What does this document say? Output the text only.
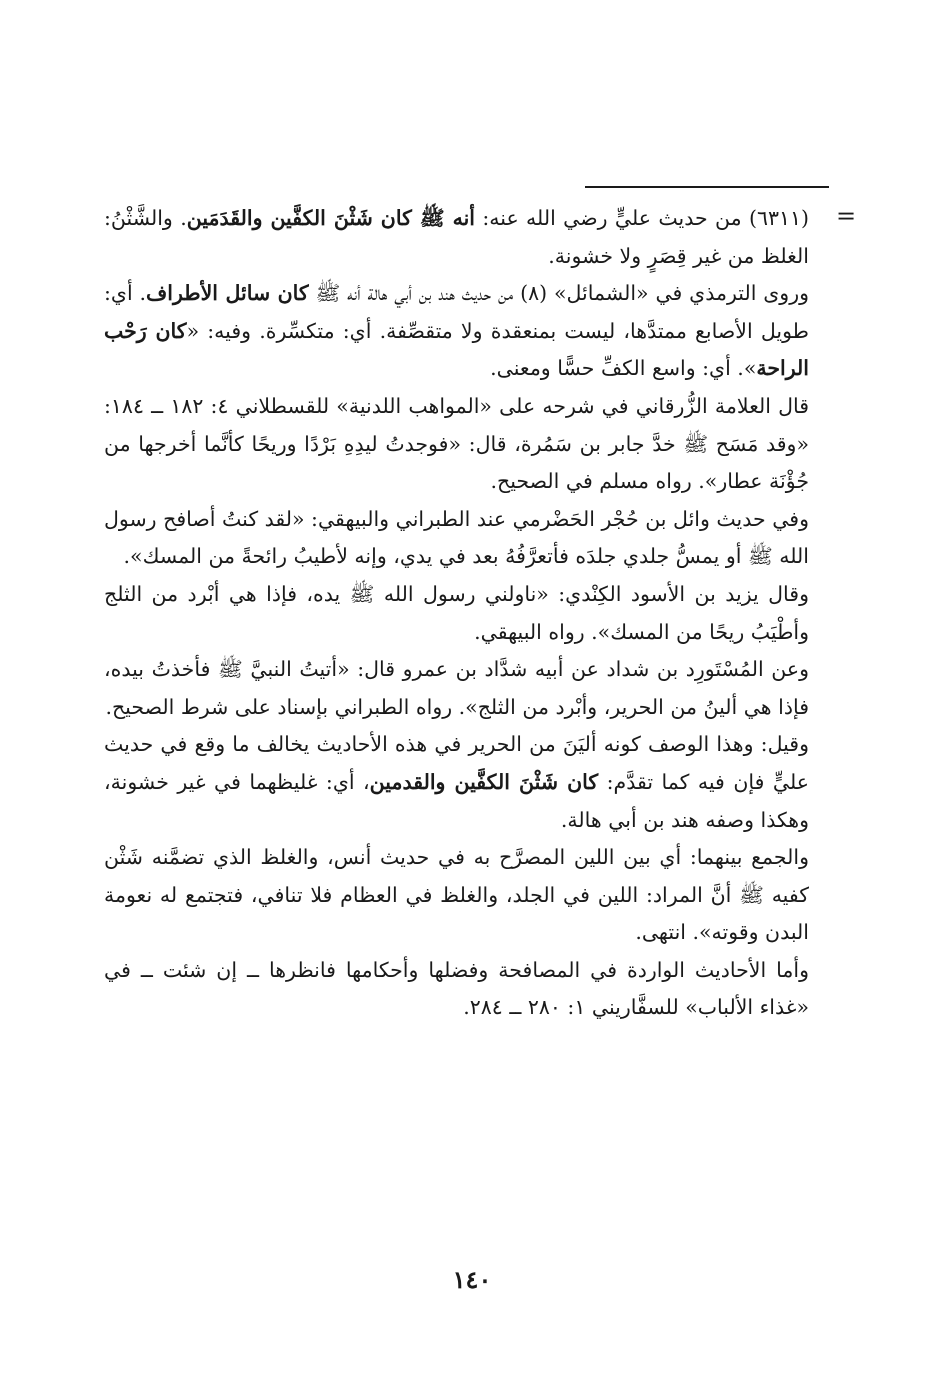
=

(٦٣١١) من حديث عليٍّ رضي الله عنه: أنه ﷺ كان شَثْنَ الكفَّين والقَدَمَين. والشَّثْنُ: الغلظ من غير قِصَرٍ ولا خشونة.

وروى الترمذي في «الشمائل» (٨) من حديث هند بن أبي هالة أنه ﷺ كان سائل الأطراف. أي: طويل الأصابع ممتدَّها، ليست بمنعقدة ولا متقصِّفة. أي: متكسِّرة. وفيه: «كان رَحْب الراحة». أي: واسع الكفِّ حسًّا ومعنى.

قال العلامة الزُّرقاني في شرحه على «المواهب اللدنية» للقسطلاني ٤: ١٨٢ ــ ١٨٤: «وقد مَسَح ﷺ خدَّ جابر بن سَمُرة، قال: «فوجدتُ ليدِهِ بَرْدًا وريحًا كأنَّما أخرجها من جُؤْنَة عطار». رواه مسلم في الصحيح.

وفي حديث وائل بن حُجْر الحَضْرمي عند الطبراني والبيهقي: «لقد كنتُ أصافح رسول الله ﷺ أو يمسُّ جلدي جلدَه فأتعرَّفُهُ بعد في يدي، وإنه لأطيبُ رائحةً من المسك».

وقال يزيد بن الأسود الكِنْدي: «ناولني رسول الله ﷺ يده، فإذا هي أبْرد من الثلج وأطْيَبُ ريحًا من المسك». رواه البيهقي.

وعن المُسْتَورِد بن شداد عن أبيه شدَّاد بن عمرو قال: «أتيتُ النبيَّ ﷺ فأخذتُ بيده، فإذا هي ألينُ من الحرير، وأبْرد من الثلج». رواه الطبراني بإسناد على شرط الصحيح.

وقيل: وهذا الوصف كونه أليَنَ من الحرير في هذه الأحاديث يخالف ما وقع في حديث عليٍّ فإن فيه كما تقدَّم: كان شَثْنَ الكفَّين والقدمين، أي: غليظهما في غير خشونة، وهكذا وصفه هند بن أبي هالة.

والجمع بينهما: أي بين اللين المصرَّح به في حديث أنس، والغلظ الذي تضمَّنه شَثْن كفيه ﷺ أنَّ المراد: اللين في الجلد، والغلظ في العظام فلا تنافي، فتجتمع له نعومة البدن وقوته». انتهى.

وأما الأحاديث الواردة في المصافحة وفضلها وأحكامها فانظرها ــ إن شئت ــ في «غذاء الألباب» للسفَّاريني ١: ٢٨٠ ــ ٢٨٤.

١٤٠
